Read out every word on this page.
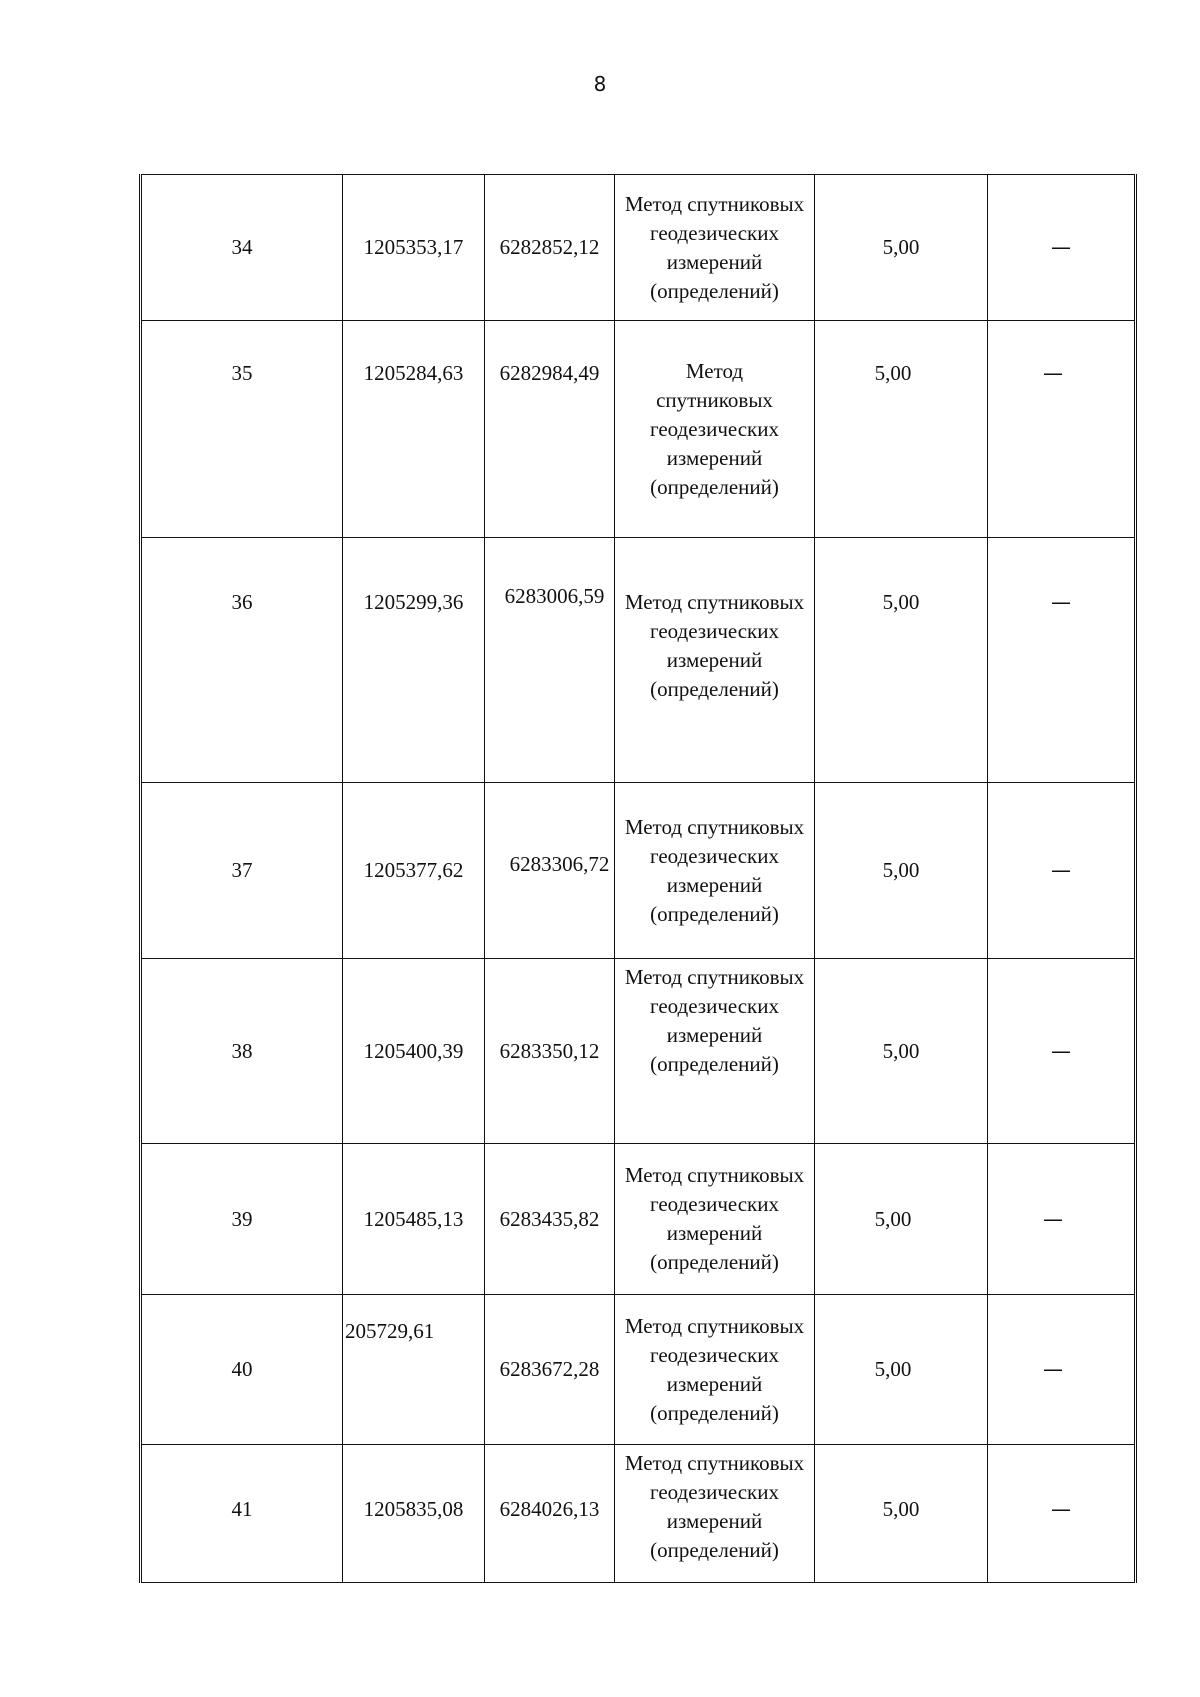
8
34	1205353,17	6282852,12	Метод спутниковых геодезических измерений (определений)	5,00	—
35	1205284,63	6282984,49	Метод спутниковых геодезических измерений (определений)	5,00	—
36	1205299,36	6283006,59	Метод спутниковых геодезических измерений (определений)	5,00	—
37	1205377,62	6283306,72	Метод спутниковых геодезических измерений (определений)	5,00	—
38	1205400,39	6283350,12	Метод спутниковых геодезических измерений (определений)	5,00	—
39	1205485,13	6283435,82	Метод спутниковых геодезических измерений (определений)	5,00	—
40	205729,61	6283672,28	Метод спутниковых геодезических измерений (определений)	5,00	—
41	1205835,08	6284026,13	Метод спутниковых геодезических измерений (определений)	5,00	—
